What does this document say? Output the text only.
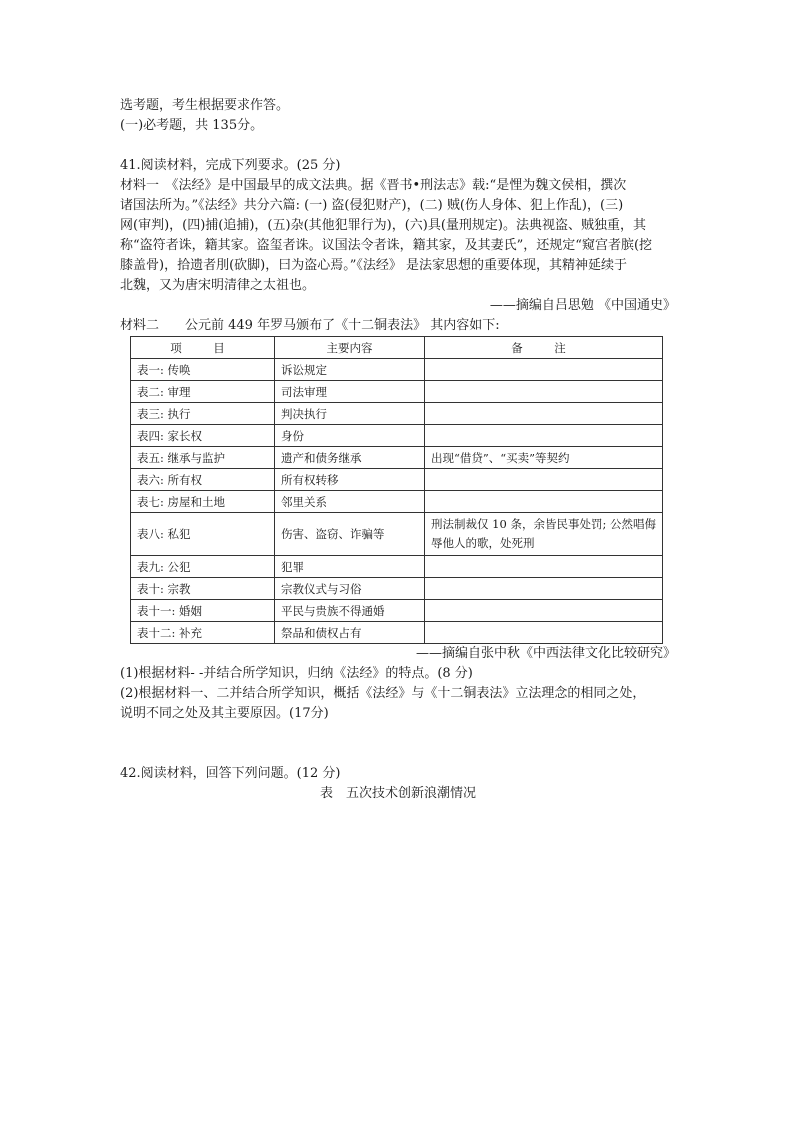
选考题，考生根据要求作答。
(一)必考题，共 135分。
41.阅读材料，完成下列要求。(25 分)
材料一　《法经》是中国最早的成文法典。据《晋书•刑法志》载:“是悝为魏文侯相，撰次
诸国法所为。”《法经》共分六篇: (一) 盗(侵犯财产)，(二) 贼(伤人身体、犯上作乱)，(三)
网(审判)，(四)捕(追捕)，(五)杂(其他犯罪行为)，(六)具(量刑规定)。法典视盗、贼独重，其
称“盗符者诛，籍其家。盗玺者诛。议国法令者诛，籍其家，及其妻氏”，还规定“窥宫者膑(挖
膝盖骨)，拾遗者刖(砍脚)，曰为盗心焉。”《法经》 是法家思想的重要体现，其精神延续于
北魏，又为唐宋明清律之太祖也。
——摘编自吕思勉 《中国通史》
材料二　　公元前 449 年罗马颁布了《十二铜表法》 其内容如下:
项　目	主要内容	备　注
表一: 传唤	诉讼规定	
表二: 审理	司法审理	
表三: 执行	判决执行	
表四: 家长权	身份	
表五: 继承与监护	遗产和债务继承	出现“借贷”、“买卖”等契约
表六: 所有权	所有权转移	
表七: 房屋和土地	邻里关系	
表八: 私犯	伤害、盗窃、诈骗等	刑法制裁仅 10 条，余皆民事处罚; 公然唱侮辱他人的歌，处死刑
表九: 公犯	犯罪	
表十: 宗教	宗教仪式与习俗	
表十一: 婚姻	平民与贵族不得通婚	
表十二: 补充	祭品和债权占有	
——摘编自张中秋《中西法律文化比较研究》
(1)根据材料- -并结合所学知识，归纳《法经》的特点。(8 分)
(2)根据材料一、二并结合所学知识，概括《法经》与《十二铜表法》立法理念的相同之处，
说明不同之处及其主要原因。(17分)
42.阅读材料，回答下列问题。(12 分)
表　五次技术创新浪潮情况
